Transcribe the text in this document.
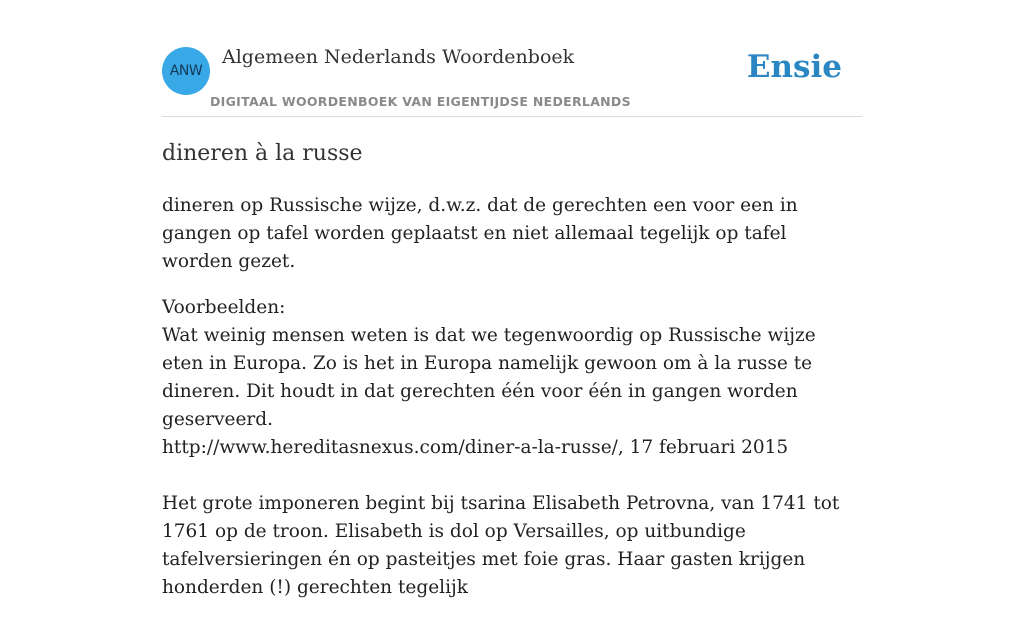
ANW
Algemeen Nederlands Woordenboek
DIGITAAL WOORDENBOEK VAN EIGENTIJDSE NEDERLANDS
Ensie
dineren à la russe

dineren op Russische wijze, d.w.z. dat de gerechten een voor een in gangen op tafel worden geplaatst en niet allemaal tegelijk op tafel worden gezet.

Voorbeelden:
Wat weinig mensen weten is dat we tegenwoordig op Russische wijze eten in Europa. Zo is het in Europa namelijk gewoon om à la russe te dineren. Dit houdt in dat gerechten één voor één in gangen worden geserveerd.
http://www.hereditasnexus.com/diner-a-la-russe/, 17 februari 2015
Het grote imponeren begint bij tsarina Elisabeth Petrovna, van 1741 tot 1761 op de troon. Elisabeth is dol op Versailles, op uitbundige tafelversieringen én op pasteitjes met foie gras. Haar gasten krijgen honderden (!) gerechten tegelijk
